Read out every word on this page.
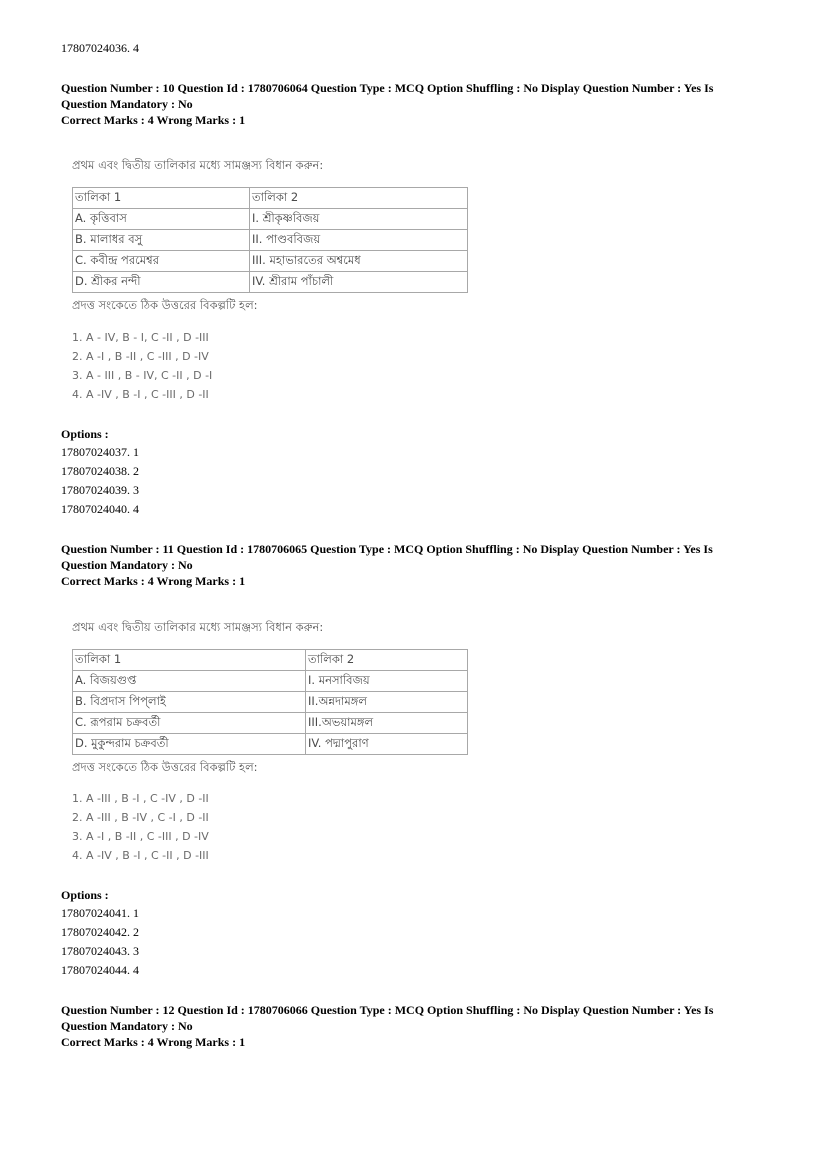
17807024036. 4
Question Number : 10 Question Id : 1780706064 Question Type : MCQ Option Shuffling : No Display Question Number : Yes Is Question Mandatory : No
Correct Marks : 4 Wrong Marks : 1
প্রথম এবং দ্বিতীয় তালিকার মধ্যে সামঞ্জস্য বিধান করুন:
তালিকা 1	তালিকা 2
A. কৃত্তিবাস	I. শ্রীকৃষ্ণবিজয়
B. মালাধর বসু	II. পাণ্ডববিজয়
C. কবীন্দ্র পরমেশ্বর	III. মহাভারতের অশ্বমেধ
D. শ্রীকর নন্দী	IV. শ্রীরাম পাঁচালী
প্রদত্ত সংকেতে ঠিক উত্তরের বিকল্পটি হল:
1. A - IV, B - I, C -II , D -III
2. A -I , B -II , C -III , D -IV
3. A - III , B - IV, C -II , D -I
4. A -IV , B -I , C -III , D -II
Options :
17807024037. 1
17807024038. 2
17807024039. 3
17807024040. 4
Question Number : 11 Question Id : 1780706065 Question Type : MCQ Option Shuffling : No Display Question Number : Yes Is Question Mandatory : No
Correct Marks : 4 Wrong Marks : 1
প্রথম এবং দ্বিতীয় তালিকার মধ্যে সামঞ্জস্য বিধান করুন:
তালিকা 1	তালিকা 2
A. বিজয়গুপ্ত	I. মনসাবিজয়
B. বিপ্রদাস পিপ্‌লাই	II.অন্নদামঙ্গল
C. রূপরাম চক্রবর্তী	III.অভয়ামঙ্গল
D. মুকুন্দরাম চক্রবর্তী	IV. পদ্মাপুরাণ
প্রদত্ত সংকেতে ঠিক উত্তরের বিকল্পটি হল:
1. A -III , B -I , C -IV , D -II
2. A -III , B -IV , C -I , D -II
3. A -I , B -II , C -III , D -IV
4. A -IV , B -I , C -II , D -III
Options :
17807024041. 1
17807024042. 2
17807024043. 3
17807024044. 4
Question Number : 12 Question Id : 1780706066 Question Type : MCQ Option Shuffling : No Display Question Number : Yes Is Question Mandatory : No
Correct Marks : 4 Wrong Marks : 1
